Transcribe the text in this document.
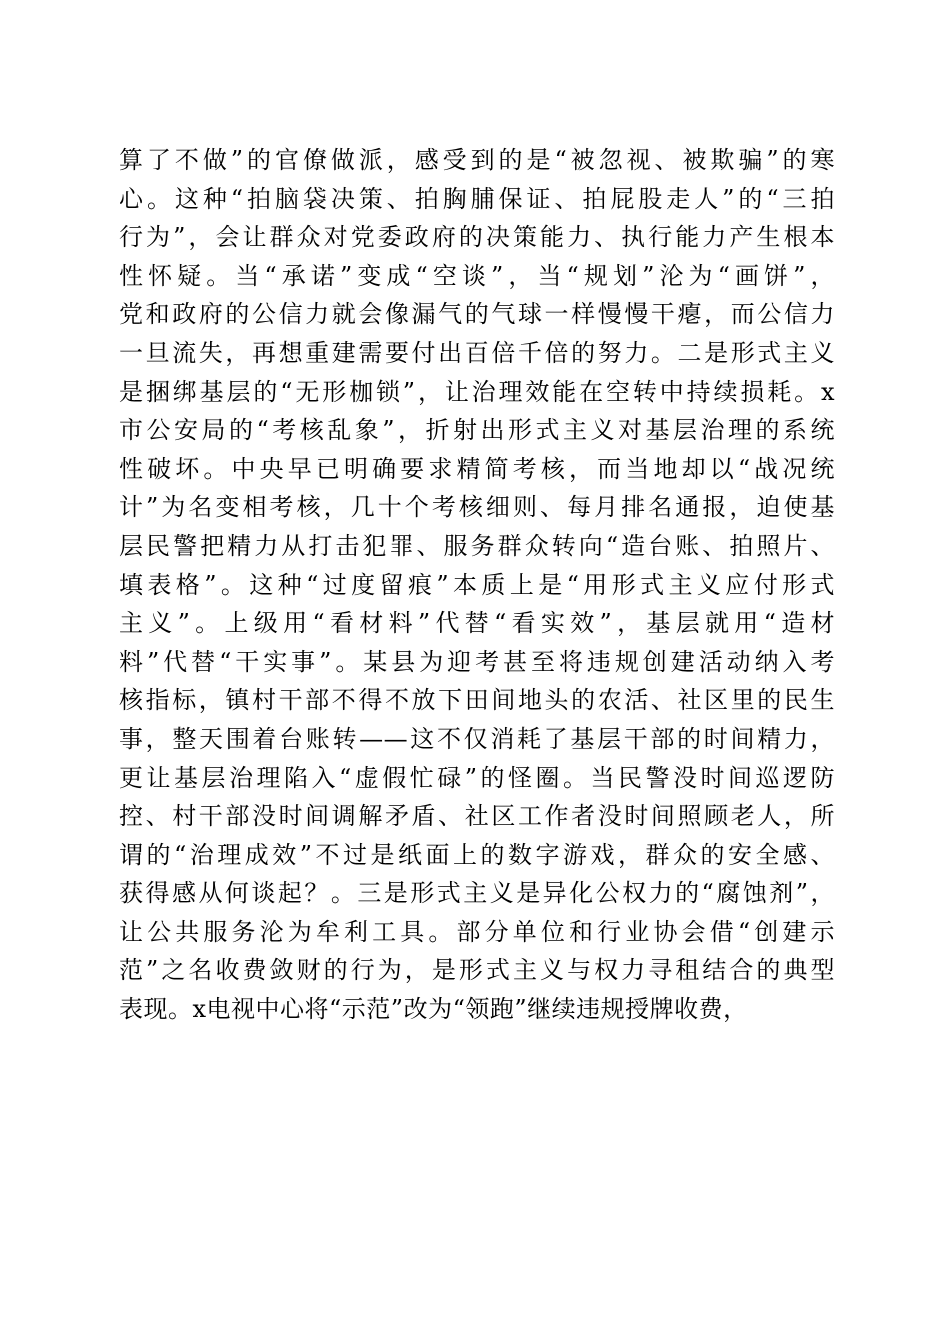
算了不做”的官僚做派，感受到的是“被忽视、被欺骗”的寒
心。这种“拍脑袋决策、拍胸脯保证、拍屁股走人”的“三拍
行为”，会让群众对党委政府的决策能力、执行能力产生根本
性怀疑。当“承诺”变成“空谈”，当“规划”沦为“画饼”，
党和政府的公信力就会像漏气的气球一样慢慢干瘪，而公信力
一旦流失，再想重建需要付出百倍千倍的努力。二是形式主义
是捆绑基层的“无形枷锁”，让治理效能在空转中持续损耗。x
市公安局的“考核乱象”，折射出形式主义对基层治理的系统
性破坏。中央早已明确要求精简考核，而当地却以“战况统
计”为名变相考核，几十个考核细则、每月排名通报，迫使基
层民警把精力从打击犯罪、服务群众转向“造台账、拍照片、
填表格”。这种“过度留痕”本质上是“用形式主义应付形式
主义”。上级用“看材料”代替“看实效”，基层就用“造材
料”代替“干实事”。某县为迎考甚至将违规创建活动纳入考
核指标，镇村干部不得不放下田间地头的农活、社区里的民生
事，整天围着台账转——这不仅消耗了基层干部的时间精力，
更让基层治理陷入“虚假忙碌”的怪圈。当民警没时间巡逻防
控、村干部没时间调解矛盾、社区工作者没时间照顾老人，所
谓的“治理成效”不过是纸面上的数字游戏，群众的安全感、
获得感从何谈起？。三是形式主义是异化公权力的“腐蚀剂”，
让公共服务沦为牟利工具。部分单位和行业协会借“创建示
范”之名收费敛财的行为，是形式主义与权力寻租结合的典型
表现。x电视中心将“示范”改为“领跑”继续违规授牌收费，
